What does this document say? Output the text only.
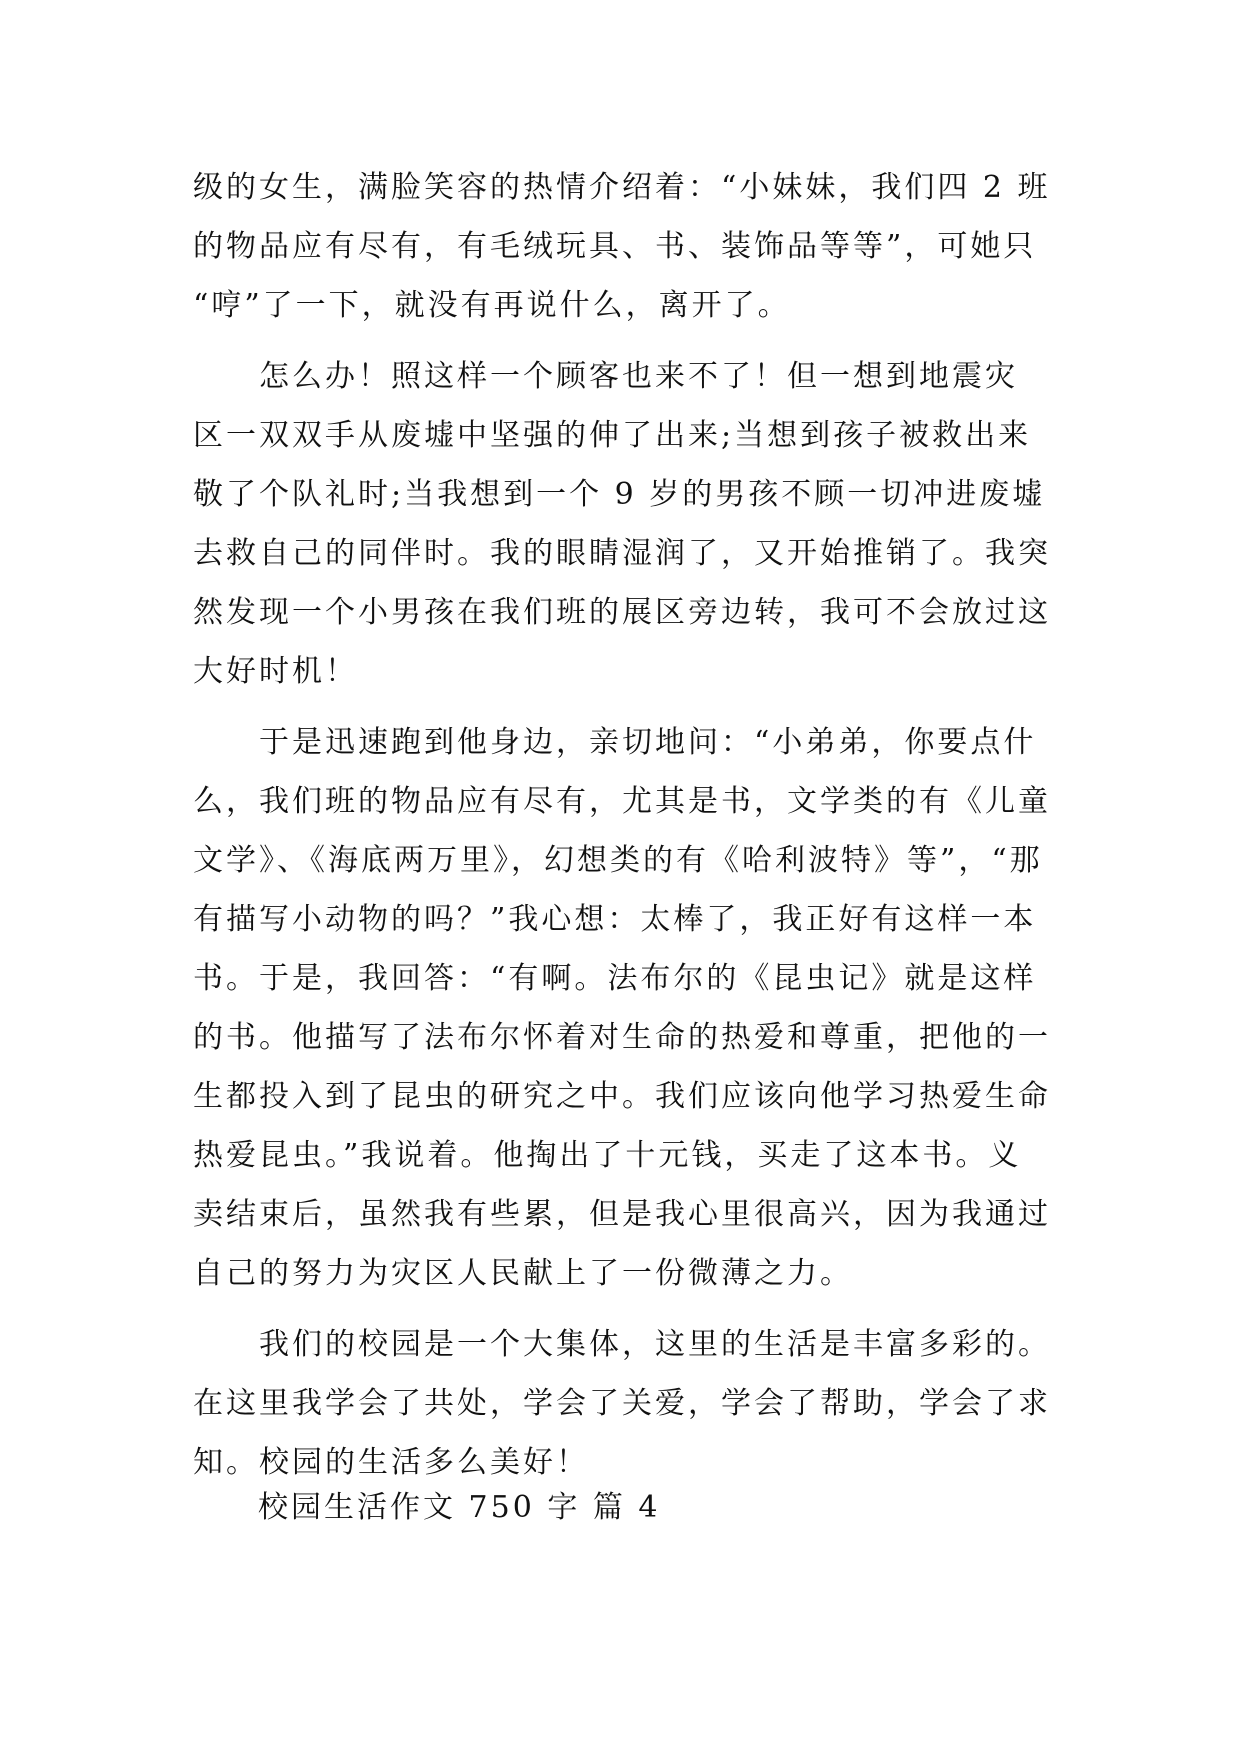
级的女生，满脸笑容的热情介绍着：“小妹妹，我们四 2 班
的物品应有尽有，有毛绒玩具、书、装饰品等等”，可她只
“哼”了一下，就没有再说什么，离开了。
　　怎么办！照这样一个顾客也来不了！但一想到地震灾
区一双双手从废墟中坚强的伸了出来;当想到孩子被救出来
敬了个队礼时;当我想到一个 9 岁的男孩不顾一切冲进废墟
去救自己的同伴时。我的眼睛湿润了，又开始推销了。我突
然发现一个小男孩在我们班的展区旁边转，我可不会放过这
大好时机！
　　于是迅速跑到他身边，亲切地问：“小弟弟，你要点什
么，我们班的物品应有尽有，尤其是书，文学类的有《儿童
文学》、《海底两万里》，幻想类的有《哈利波特》等”，“那
有描写小动物的吗？”我心想：太棒了，我正好有这样一本
书。于是，我回答：“有啊。法布尔的《昆虫记》就是这样
的书。他描写了法布尔怀着对生命的热爱和尊重，把他的一
生都投入到了昆虫的研究之中。我们应该向他学习热爱生命
热爱昆虫。”我说着。他掏出了十元钱，买走了这本书。义
卖结束后，虽然我有些累，但是我心里很高兴，因为我通过
自己的努力为灾区人民献上了一份微薄之力。
　　我们的校园是一个大集体，这里的生活是丰富多彩的。
在这里我学会了共处，学会了关爱，学会了帮助，学会了求
知。校园的生活多么美好！
校园生活作文 750 字 篇 4
